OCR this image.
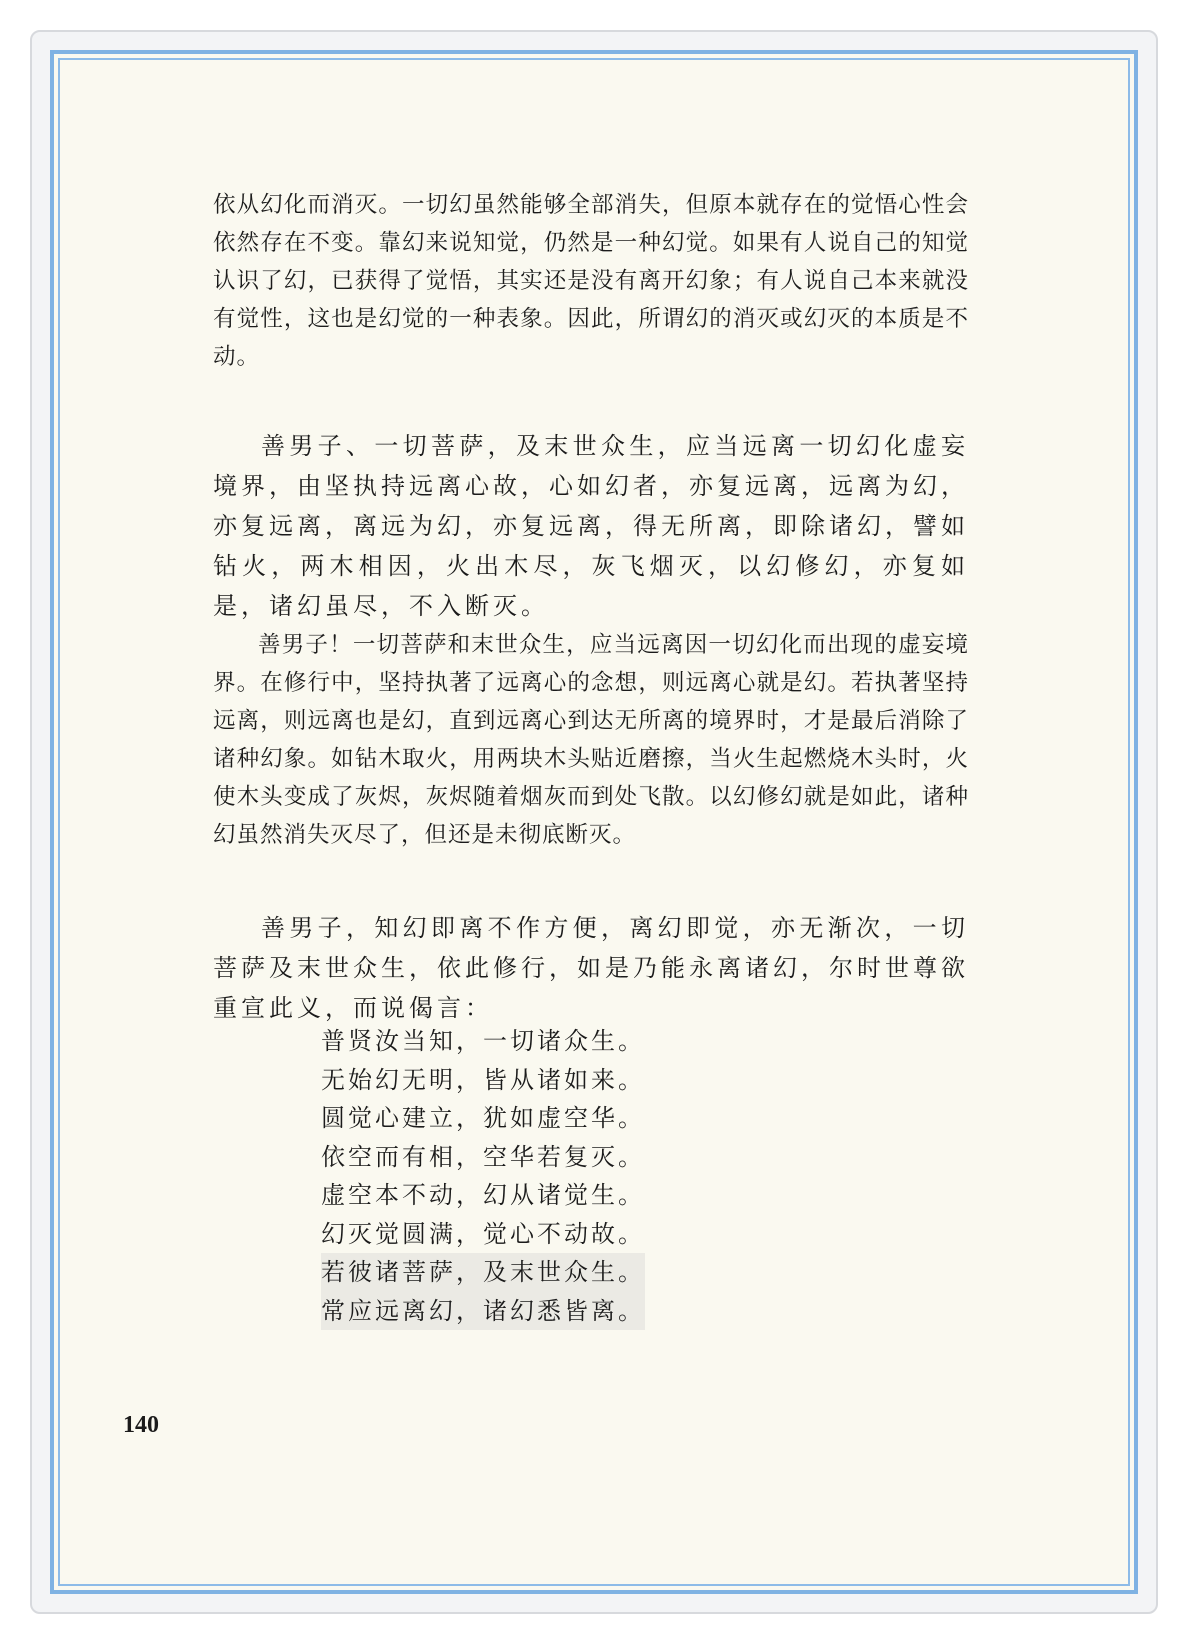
依从幻化而消灭。一切幻虽然能够全部消失，但原本就存在的觉悟心性会依然存在不变。靠幻来说知觉，仍然是一种幻觉。如果有人说自己的知觉认识了幻，已获得了觉悟，其实还是没有离开幻象；有人说自己本来就没有觉性，这也是幻觉的一种表象。因此，所谓幻的消灭或幻灭的本质是不动。

善男子、一切菩萨，及末世众生，应当远离一切幻化虚妄境界，由坚执持远离心故，心如幻者，亦复远离，远离为幻，亦复远离，离远为幻，亦复远离，得无所离，即除诸幻，譬如钻火，两木相因，火出木尽，灰飞烟灭，以幻修幻，亦复如是，诸幻虽尽，不入断灭。

善男子！一切菩萨和末世众生，应当远离因一切幻化而出现的虚妄境界。在修行中，坚持执著了远离心的念想，则远离心就是幻。若执著坚持远离，则远离也是幻，直到远离心到达无所离的境界时，才是最后消除了诸种幻象。如钻木取火，用两块木头贴近磨擦，当火生起燃烧木头时，火使木头变成了灰烬，灰烬随着烟灰而到处飞散。以幻修幻就是如此，诸种幻虽然消失灭尽了，但还是未彻底断灭。

善男子，知幻即离不作方便，离幻即觉，亦无渐次，一切菩萨及末世众生，依此修行，如是乃能永离诸幻，尔时世尊欲重宣此义，而说偈言：

普贤汝当知，一切诸众生。
无始幻无明，皆从诸如来。
圆觉心建立，犹如虚空华。
依空而有相，空华若复灭。
虚空本不动，幻从诸觉生。
幻灭觉圆满，觉心不动故。
若彼诸菩萨，及末世众生。 常应远离幻，诸幻悉皆离。
140
